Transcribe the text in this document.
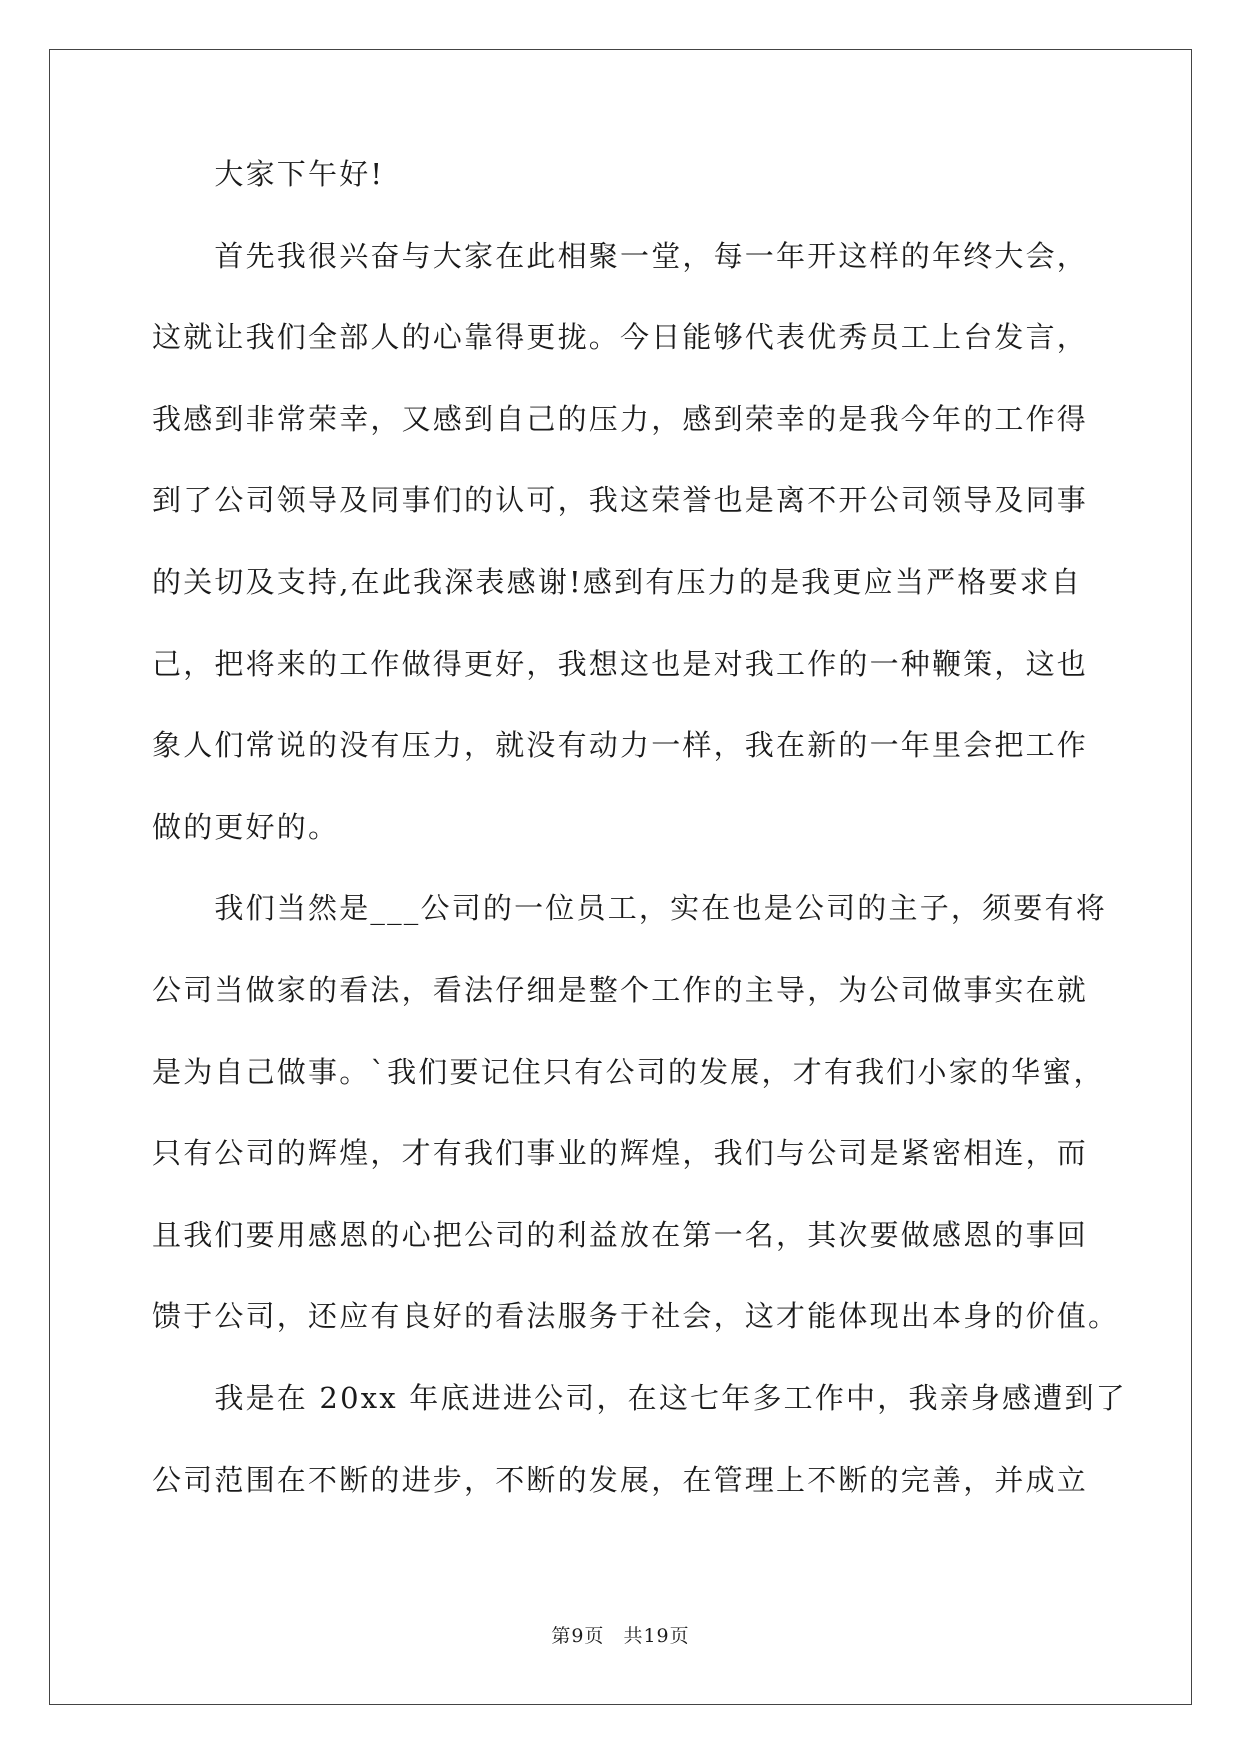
　　大家下午好!
　　首先我很兴奋与大家在此相聚一堂，每一年开这样的年终大会，
这就让我们全部人的心靠得更拢。今日能够代表优秀员工上台发言，
我感到非常荣幸，又感到自己的压力，感到荣幸的是我今年的工作得
到了公司领导及同事们的认可，我这荣誉也是离不开公司领导及同事
的关切及支持,在此我深表感谢!感到有压力的是我更应当严格要求自
己，把将来的工作做得更好，我想这也是对我工作的一种鞭策，这也
象人们常说的没有压力，就没有动力一样，我在新的一年里会把工作
做的更好的。
　　我们当然是___公司的一位员工，实在也是公司的主子，须要有将
公司当做家的看法，看法仔细是整个工作的主导，为公司做事实在就
是为自己做事。`我们要记住只有公司的发展，才有我们小家的华蜜，
只有公司的辉煌，才有我们事业的辉煌，我们与公司是紧密相连，而
且我们要用感恩的心把公司的利益放在第一名，其次要做感恩的事回
馈于公司，还应有良好的看法服务于社会，这才能体现出本身的价值。
　　我是在 20xx 年底进进公司，在这七年多工作中，我亲身感遭到了
公司范围在不断的进步，不断的发展，在管理上不断的完善，并成立
第9页 共19页
